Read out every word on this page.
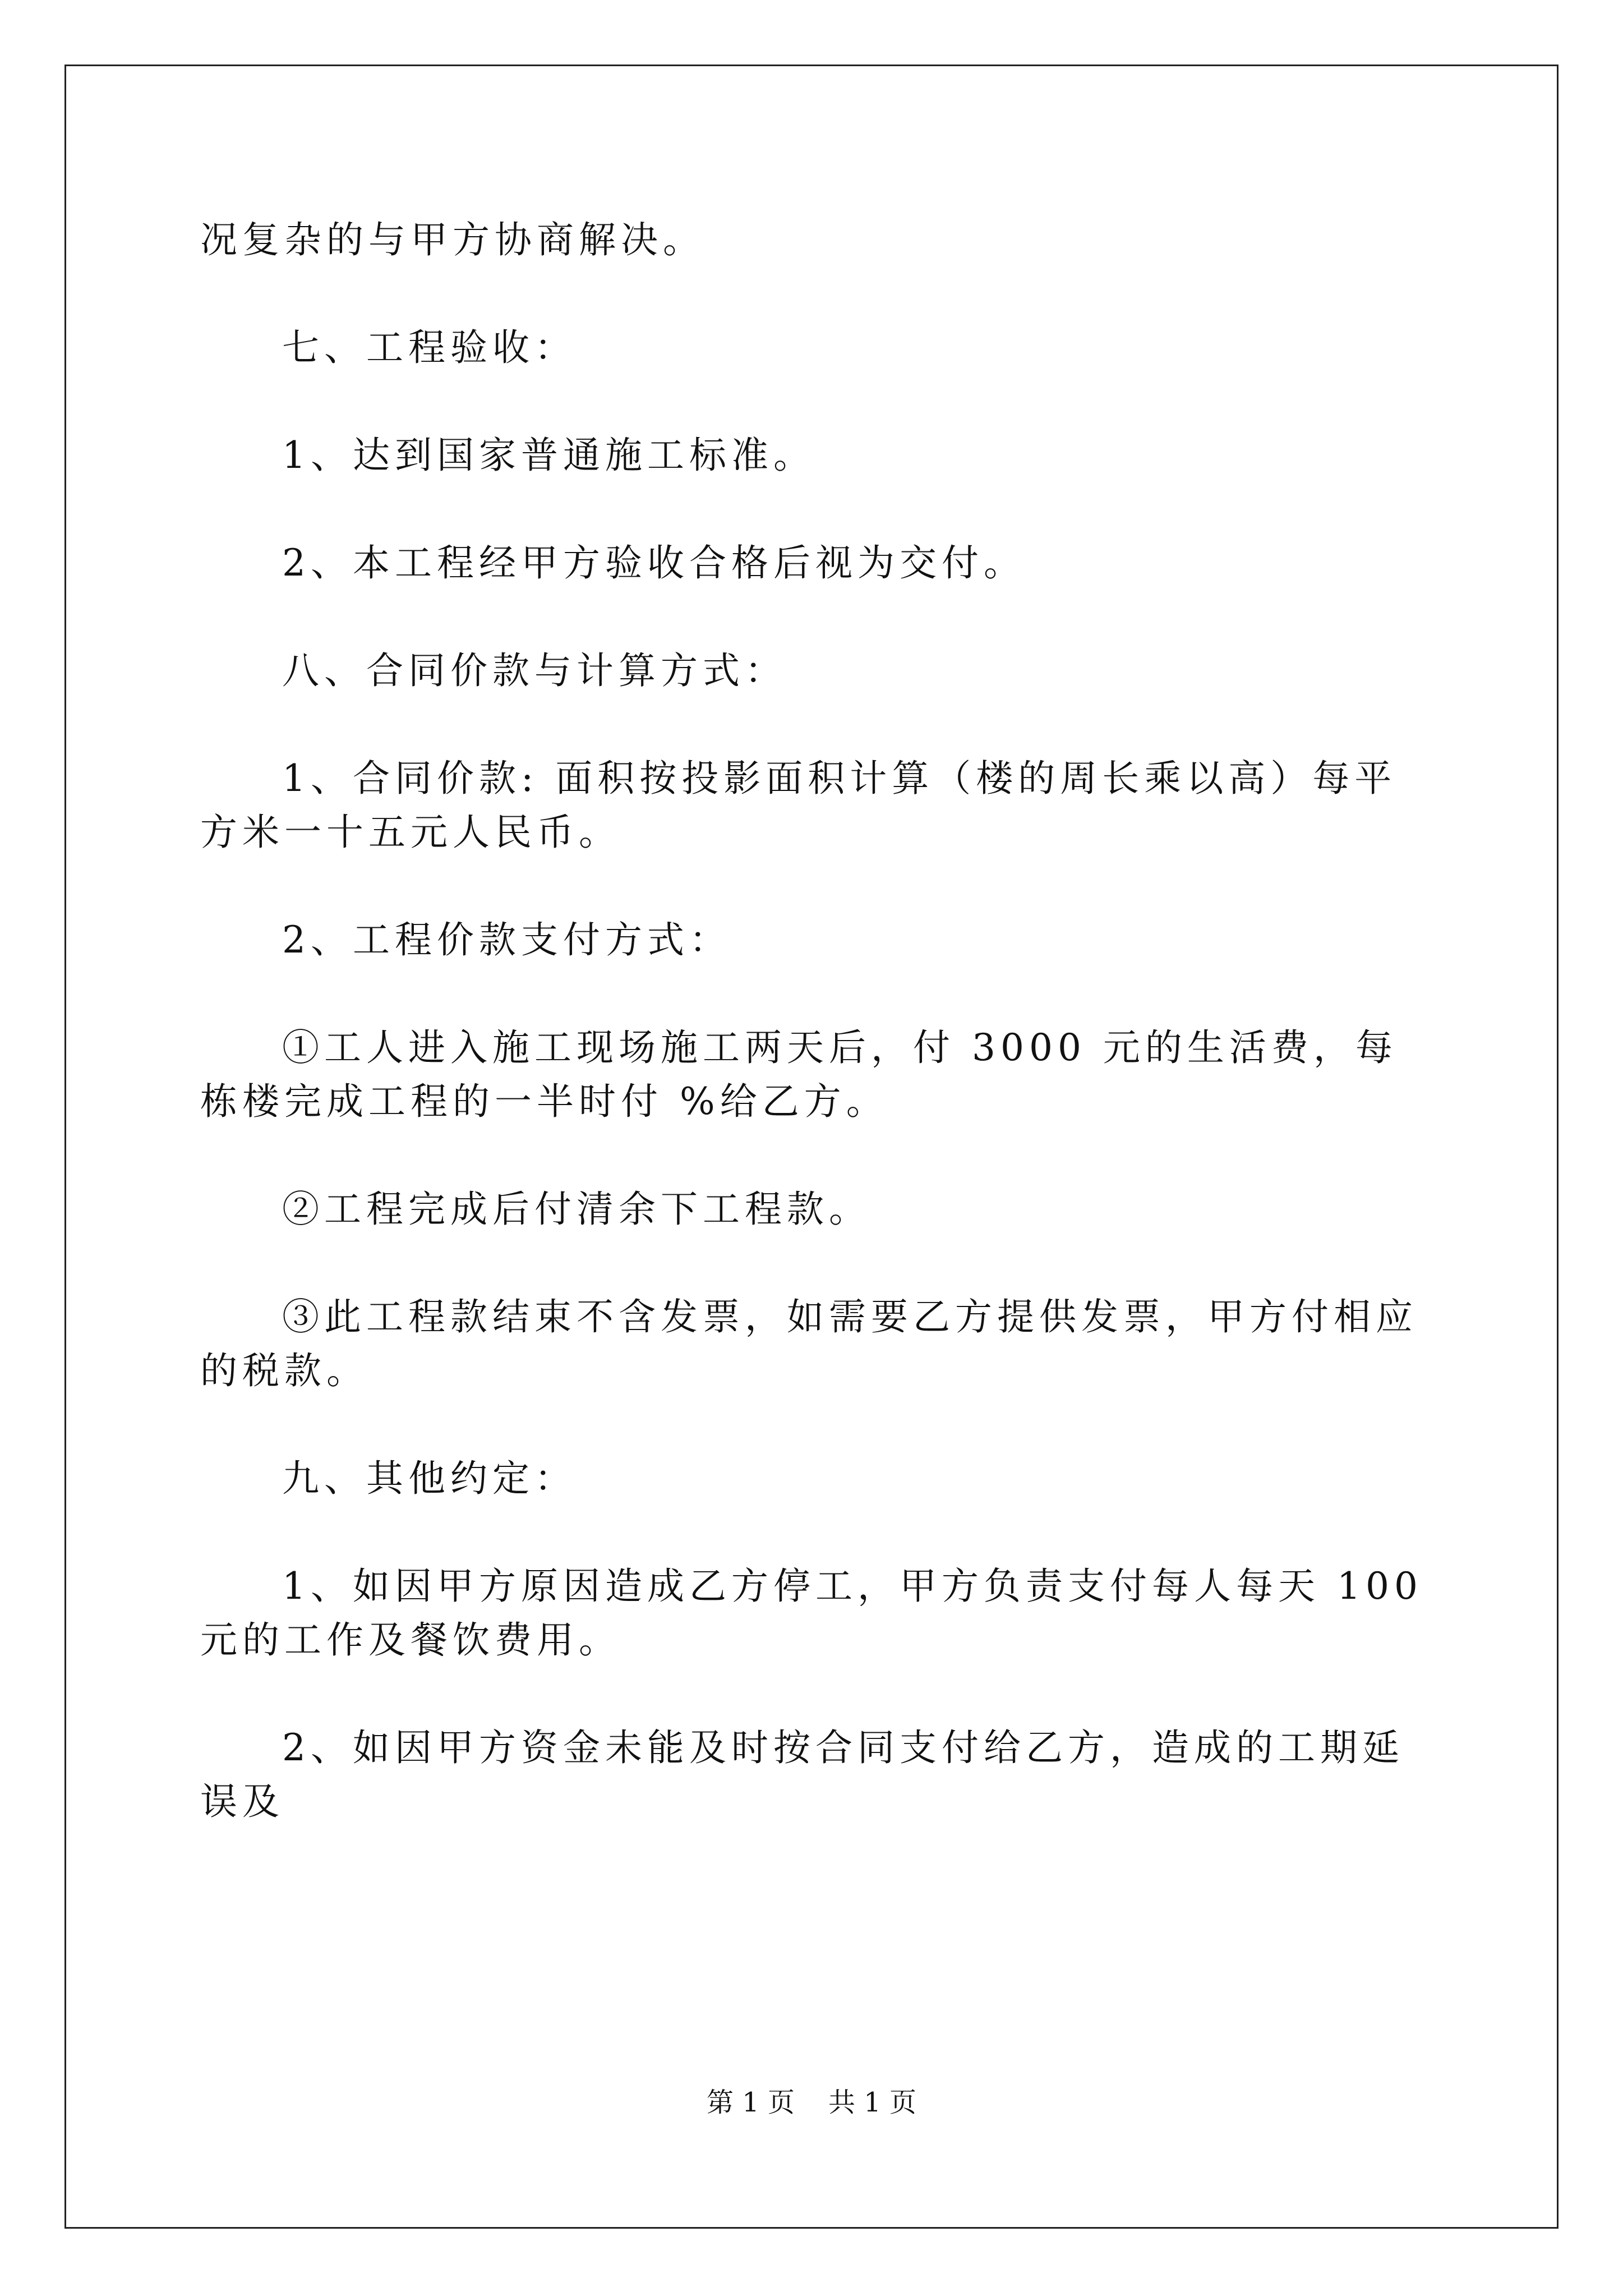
况复杂的与甲方协商解决。

七、工程验收：

1、达到国家普通施工标准。

2、本工程经甲方验收合格后视为交付。

八、合同价款与计算方式：

1、合同价款: 面积按投影面积计算（楼的周长乘以高）每平方米一十五元人民币。

2、工程价款支付方式：

①工人进入施工现场施工两天后，付 3000 元的生活费，每栋楼完成工程的一半时付 %给乙方。

②工程完成后付清余下工程款。

③此工程款结束不含发票，如需要乙方提供发票，甲方付相应的税款。

九、其他约定：

1、如因甲方原因造成乙方停工，甲方负责支付每人每天 100 元的工作及餐饮费用。

2、如因甲方资金未能及时按合同支付给乙方，造成的工期延误及

第 1 页 共 1 页
